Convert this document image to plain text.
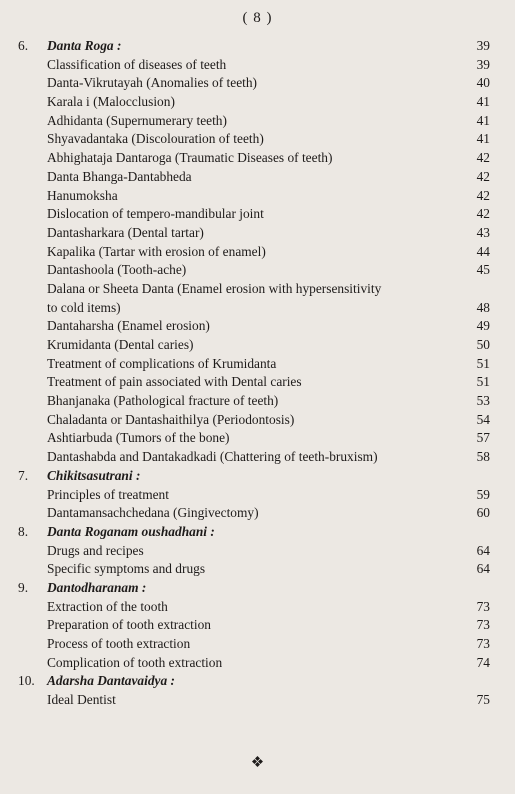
( 8 )
6.	Danta Roga :	39
Classification of diseases of teeth	39
Danta-Vikrutayah (Anomalies of teeth)	40
Karala i (Malocclusion)	41
Adhidanta (Supernumerary teeth)	41
Shyavadantaka (Discolouration of teeth)	41
Abhighataja Dantaroga (Traumatic Diseases of teeth)	42
Danta Bhanga-Dantabheda	42
Hanumoksha	42
Dislocation of tempero-mandibular joint	42
Dantasharkara (Dental tartar)	43
Kapalika (Tartar with erosion of enamel)	44
Dantashoola (Tooth-ache)	45
Dalana or Sheeta Danta (Enamel erosion with hypersensitivity
to cold items)	48
Dantaharsha (Enamel erosion)	49
Krumidanta (Dental caries)	50
Treatment of complications of Krumidanta	51
Treatment of pain associated with Dental caries	51
Bhanjanaka (Pathological fracture of teeth)	53
Chaladanta or Dantashaithilya (Periodontosis)	54
Ashtiarbuda (Tumors of the bone)	57
Dantashabda and Dantakadkadi (Chattering of teeth-bruxism)	58
7.	Chikitsasutrani :
Principles of treatment	59
Dantamansachchedana (Gingivectomy)	60
8.	Danta Roganam oushadhani :
Drugs and recipes	64
Specific symptoms and drugs	64
9.	Dantodharanam :
Extraction of the tooth	73
Preparation of tooth extraction	73
Process of tooth extraction	73
Complication of tooth extraction	74
10. Adarsha Dantavaidya :
Ideal Dentist	75
❖
